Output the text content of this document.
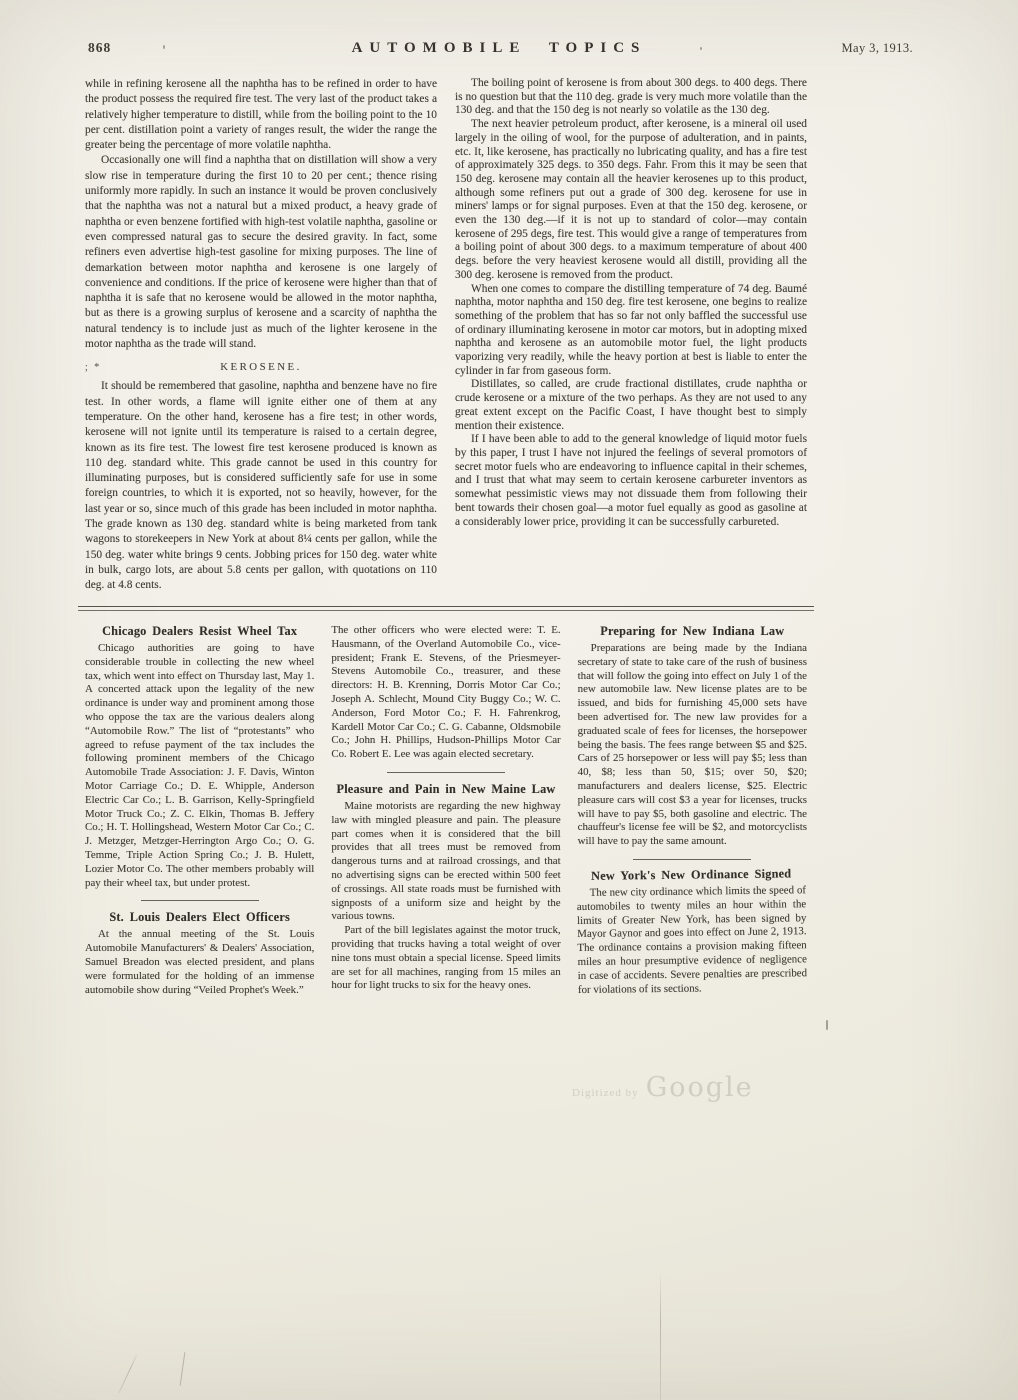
868	AUTOMOBILE TOPICS	May 3, 1913.

while in refining kerosene all the naphtha has to be refined in order to have the product possess the required fire test. The very last of the product takes a relatively higher temperature to distill, while from the boiling point to the 10 per cent. distillation point a variety of ranges result, the wider the range the greater being the percentage of more volatile naphtha.

Occasionally one will find a naphtha that on distillation will show a very slow rise in temperature during the first 10 to 20 per cent.; thence rising uniformly more rapidly. In such an instance it would be proven conclusively that the naphtha was not a natural but a mixed product, a heavy grade of naphtha or even benzene fortified with high-test volatile naphtha, gasoline or even compressed natural gas to secure the desired gravity. In fact, some refiners even advertise high-test gasoline for mixing purposes. The line of demarkation between motor naphtha and kerosene is one largely of convenience and conditions. If the price of kerosene were higher than that of naphtha it is safe that no kerosene would be allowed in the motor naphtha, but as there is a growing surplus of kerosene and a scarcity of naphtha the natural tendency is to include just as much of the lighter kerosene in the motor naphtha as the trade will stand.

; *	KEROSENE.

It should be remembered that gasoline, naphtha and benzene have no fire test. In other words, a flame will ignite either one of them at any temperature. On the other hand, kerosene has a fire test; in other words, kerosene will not ignite until its temperature is raised to a certain degree, known as its fire test. The lowest fire test kerosene produced is known as 110 deg. standard white. This grade cannot be used in this country for illuminating purposes, but is considered sufficiently safe for use in some foreign countries, to which it is exported, not so heavily, however, for the last year or so, since much of this grade has been included in motor naphtha. The grade known as 130 deg. standard white is being marketed from tank wagons to storekeepers in New York at about 8¼ cents per gallon, while the 150 deg. water white brings 9 cents. Jobbing prices for 150 deg. water white in bulk, cargo lots, are about 5.8 cents per gallon, with quotations on 110 deg. at 4.8 cents.

The boiling point of kerosene is from about 300 degs. to 400 degs. There is no question but that the 110 deg. grade is very much more volatile than the 130 deg. and that the 150 deg is not nearly so volatile as the 130 deg.

The next heavier petroleum product, after kerosene, is a mineral oil used largely in the oiling of wool, for the purpose of adulteration, and in paints, etc. It, like kerosene, has practically no lubricating quality, and has a fire test of approximately 325 degs. to 350 degs. Fahr. From this it may be seen that 150 deg. kerosene may contain all the heavier kerosenes up to this product, although some refiners put out a grade of 300 deg. kerosene for use in miners' lamps or for signal purposes. Even at that the 150 deg. kerosene, or even the 130 deg.—if it is not up to standard of color—may contain kerosene of 295 degs, fire test. This would give a range of temperatures from a boiling point of about 300 degs. to a maximum temperature of about 400 degs. before the very heaviest kerosene would all distill, providing all the 300 deg. kerosene is removed from the product.

When one comes to compare the distilling temperature of 74 deg. Baumé naphtha, motor naphtha and 150 deg. fire test kerosene, one begins to realize something of the problem that has so far not only baffled the successful use of ordinary illuminating kerosene in motor car motors, but in adopting mixed naphtha and kerosene as an automobile motor fuel, the light products vaporizing very readily, while the heavy portion at best is liable to enter the cylinder in far from gaseous form.

Distillates, so called, are crude fractional distillates, crude naphtha or crude kerosene or a mixture of the two perhaps. As they are not used to any great extent except on the Pacific Coast, I have thought best to simply mention their existence.

If I have been able to add to the general knowledge of liquid motor fuels by this paper, I trust I have not injured the feelings of several promotors of secret motor fuels who are endeavoring to influence capital in their schemes, and I trust that what may seem to certain kerosene carbureter inventors as somewhat pessimistic views may not dissuade them from following their bent towards their chosen goal—a motor fuel equally as good as gasoline at a considerably lower price, providing it can be successfully carbureted.

Chicago Dealers Resist Wheel Tax

Chicago authorities are going to have considerable trouble in collecting the new wheel tax, which went into effect on Thursday last, May 1. A concerted attack upon the legality of the new ordinance is under way and prominent among those who oppose the tax are the various dealers along “Automobile Row.” The list of “protestants” who agreed to refuse payment of the tax includes the following prominent members of the Chicago Automobile Trade Association: J. F. Davis, Winton Motor Carriage Co.; D. E. Whipple, Anderson Electric Car Co.; L. B. Garrison, Kelly-Springfield Motor Truck Co.; Z. C. Elkin, Thomas B. Jeffery Co.; H. T. Hollingshead, Western Motor Car Co.; C. J. Metzger, Metzger-Herrington Argo Co.; O. G. Temme, Triple Action Spring Co.; J. B. Hulett, Lozier Motor Co. The other members probably will pay their wheel tax, but under protest.

St. Louis Dealers Elect Officers

At the annual meeting of the St. Louis Automobile Manufacturers' & Dealers' Association, Samuel Breadon was elected president, and plans were formulated for the holding of an immense automobile show during “Veiled Prophet's Week.”

The other officers who were elected were: T. E. Hausmann, of the Overland Automobile Co., vice-president; Frank E. Stevens, of the Priesmeyer-Stevens Automobile Co., treasurer, and these directors: H. B. Krenning, Dorris Motor Car Co.; Joseph A. Schlecht, Mound City Buggy Co.; W. C. Anderson, Ford Motor Co.; F. H. Fahrenkrog, Kardell Motor Car Co.; C. G. Cabanne, Oldsmobile Co.; John H. Phillips, Hudson-Phillips Motor Car Co. Robert E. Lee was again elected secretary.

Pleasure and Pain in New Maine Law

Maine motorists are regarding the new highway law with mingled pleasure and pain. The pleasure part comes when it is considered that the bill provides that all trees must be removed from dangerous turns and at railroad crossings, and that no advertising signs can be erected within 500 feet of crossings. All state roads must be furnished with signposts of a uniform size and height by the various towns.

Part of the bill legislates against the motor truck, providing that trucks having a total weight of over nine tons must obtain a special license. Speed limits are set for all machines, ranging from 15 miles an hour for light trucks to six for the heavy ones.

Preparing for New Indiana Law

Preparations are being made by the Indiana secretary of state to take care of the rush of business that will follow the going into effect on July 1 of the new automobile law. New license plates are to be issued, and bids for furnishing 45,000 sets have been advertised for. The new law provides for a graduated scale of fees for licenses, the horsepower being the basis. The fees range between $5 and $25. Cars of 25 horsepower or less will pay $5; less than 40, $8; less than 50, $15; over 50, $20; manufacturers and dealers license, $25. Electric pleasure cars will cost $3 a year for licenses, trucks will have to pay $5, both gasoline and electric. The chauffeur's license fee will be $2, and motorcyclists will have to pay the same amount.

New York's New Ordinance Signed

The new city ordinance which limits the speed of automobiles to twenty miles an hour within the limits of Greater New York, has been signed by Mayor Gaynor and goes into effect on June 2, 1913. The ordinance contains a provision making fifteen miles an hour presumptive evidence of negligence in case of accidents. Severe penalties are prescribed for violations of its sections.

Digitized by Google
